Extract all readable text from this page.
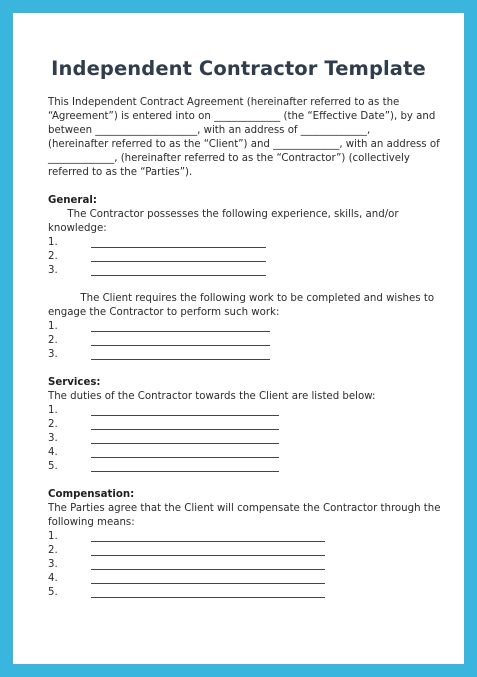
Independent Contractor Template
This Independent Contract Agreement (hereinafter referred to as the
“Agreement”) is entered into on _____________ (the “Effective Date”), by and
between ____________________, with an address of _____________,
(hereinafter referred to as the “Client”) and _____________, with an address of
_____________, (hereinafter referred to as the “Contractor”) (collectively
referred to as the “Parties”).
General:
The Contractor possesses the following experience, skills, and/or
knowledge:
1.
2.
3.
The Client requires the following work to be completed and wishes to
engage the Contractor to perform such work:
1.
2.
3.
Services:
The duties of the Contractor towards the Client are listed below:
1.
2.
3.
4.
5.
Compensation:
The Parties agree that the Client will compensate the Contractor through the
following means:
1.
2.
3.
4.
5.
